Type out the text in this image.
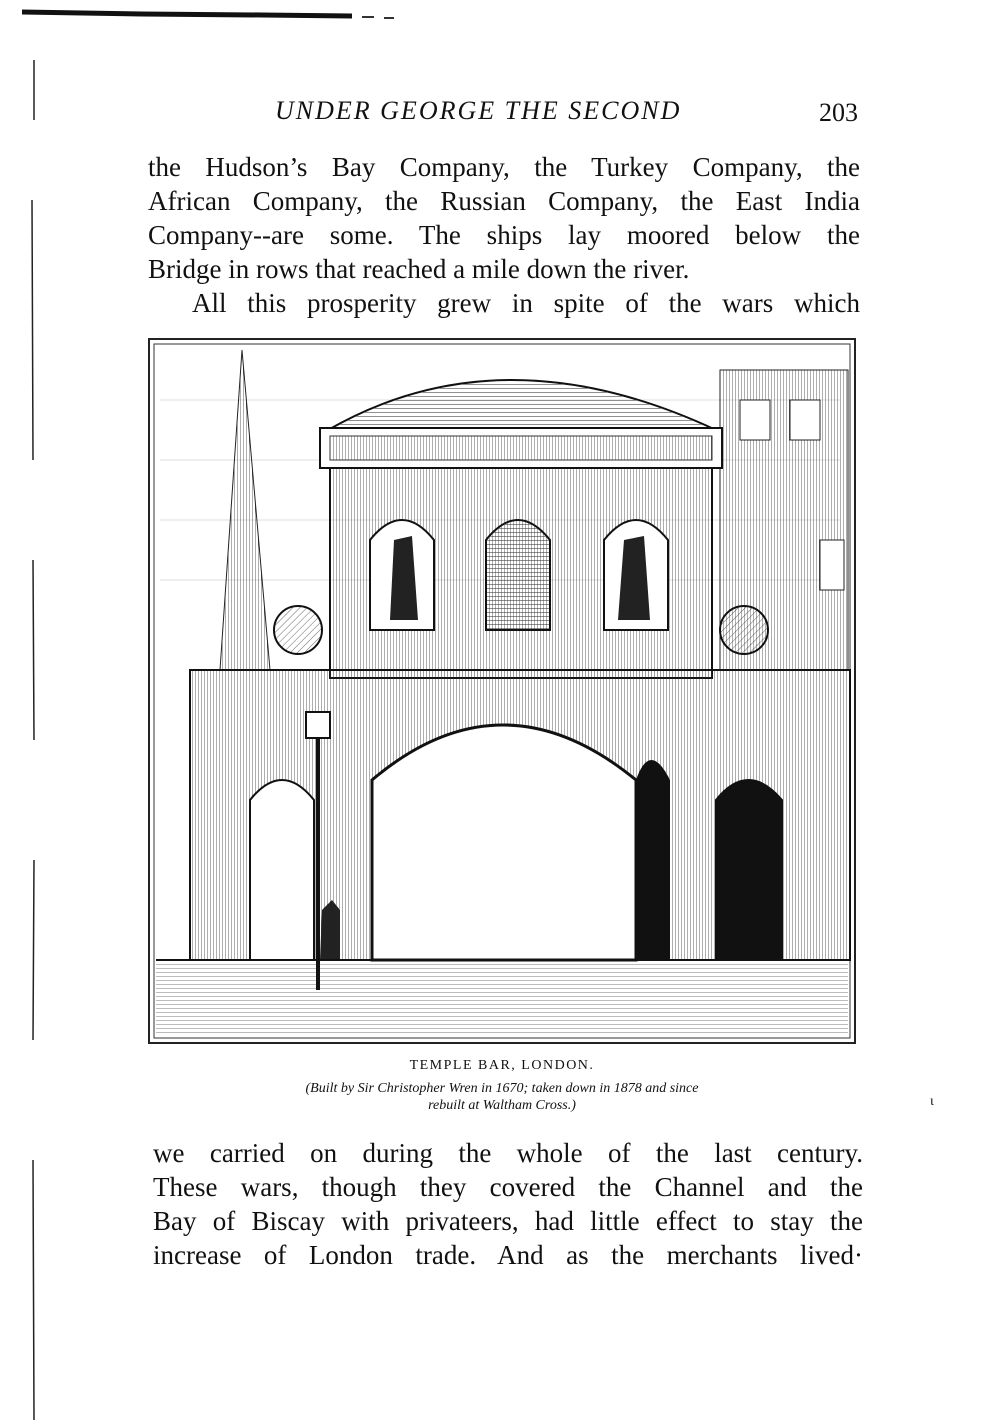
UNDER GEORGE THE SECOND	203
the Hudson’s Bay Company, the Turkey Company, the
African Company, the Russian Company, the East India
Company--are some. The ships lay moored below the
Bridge in rows that reached a mile down the river.
All this prosperity grew in spite of the wars which
TEMPLE BAR, LONDON.
(Built by Sir Christopher Wren in 1670; taken down in 1878 and since
rebuilt at Waltham Cross.)	ι
we carried on during the whole of the last century.
These wars, though they covered the Channel and the
Bay of Biscay with privateers, had little effect to stay the
increase of London trade. And as the merchants lived·
